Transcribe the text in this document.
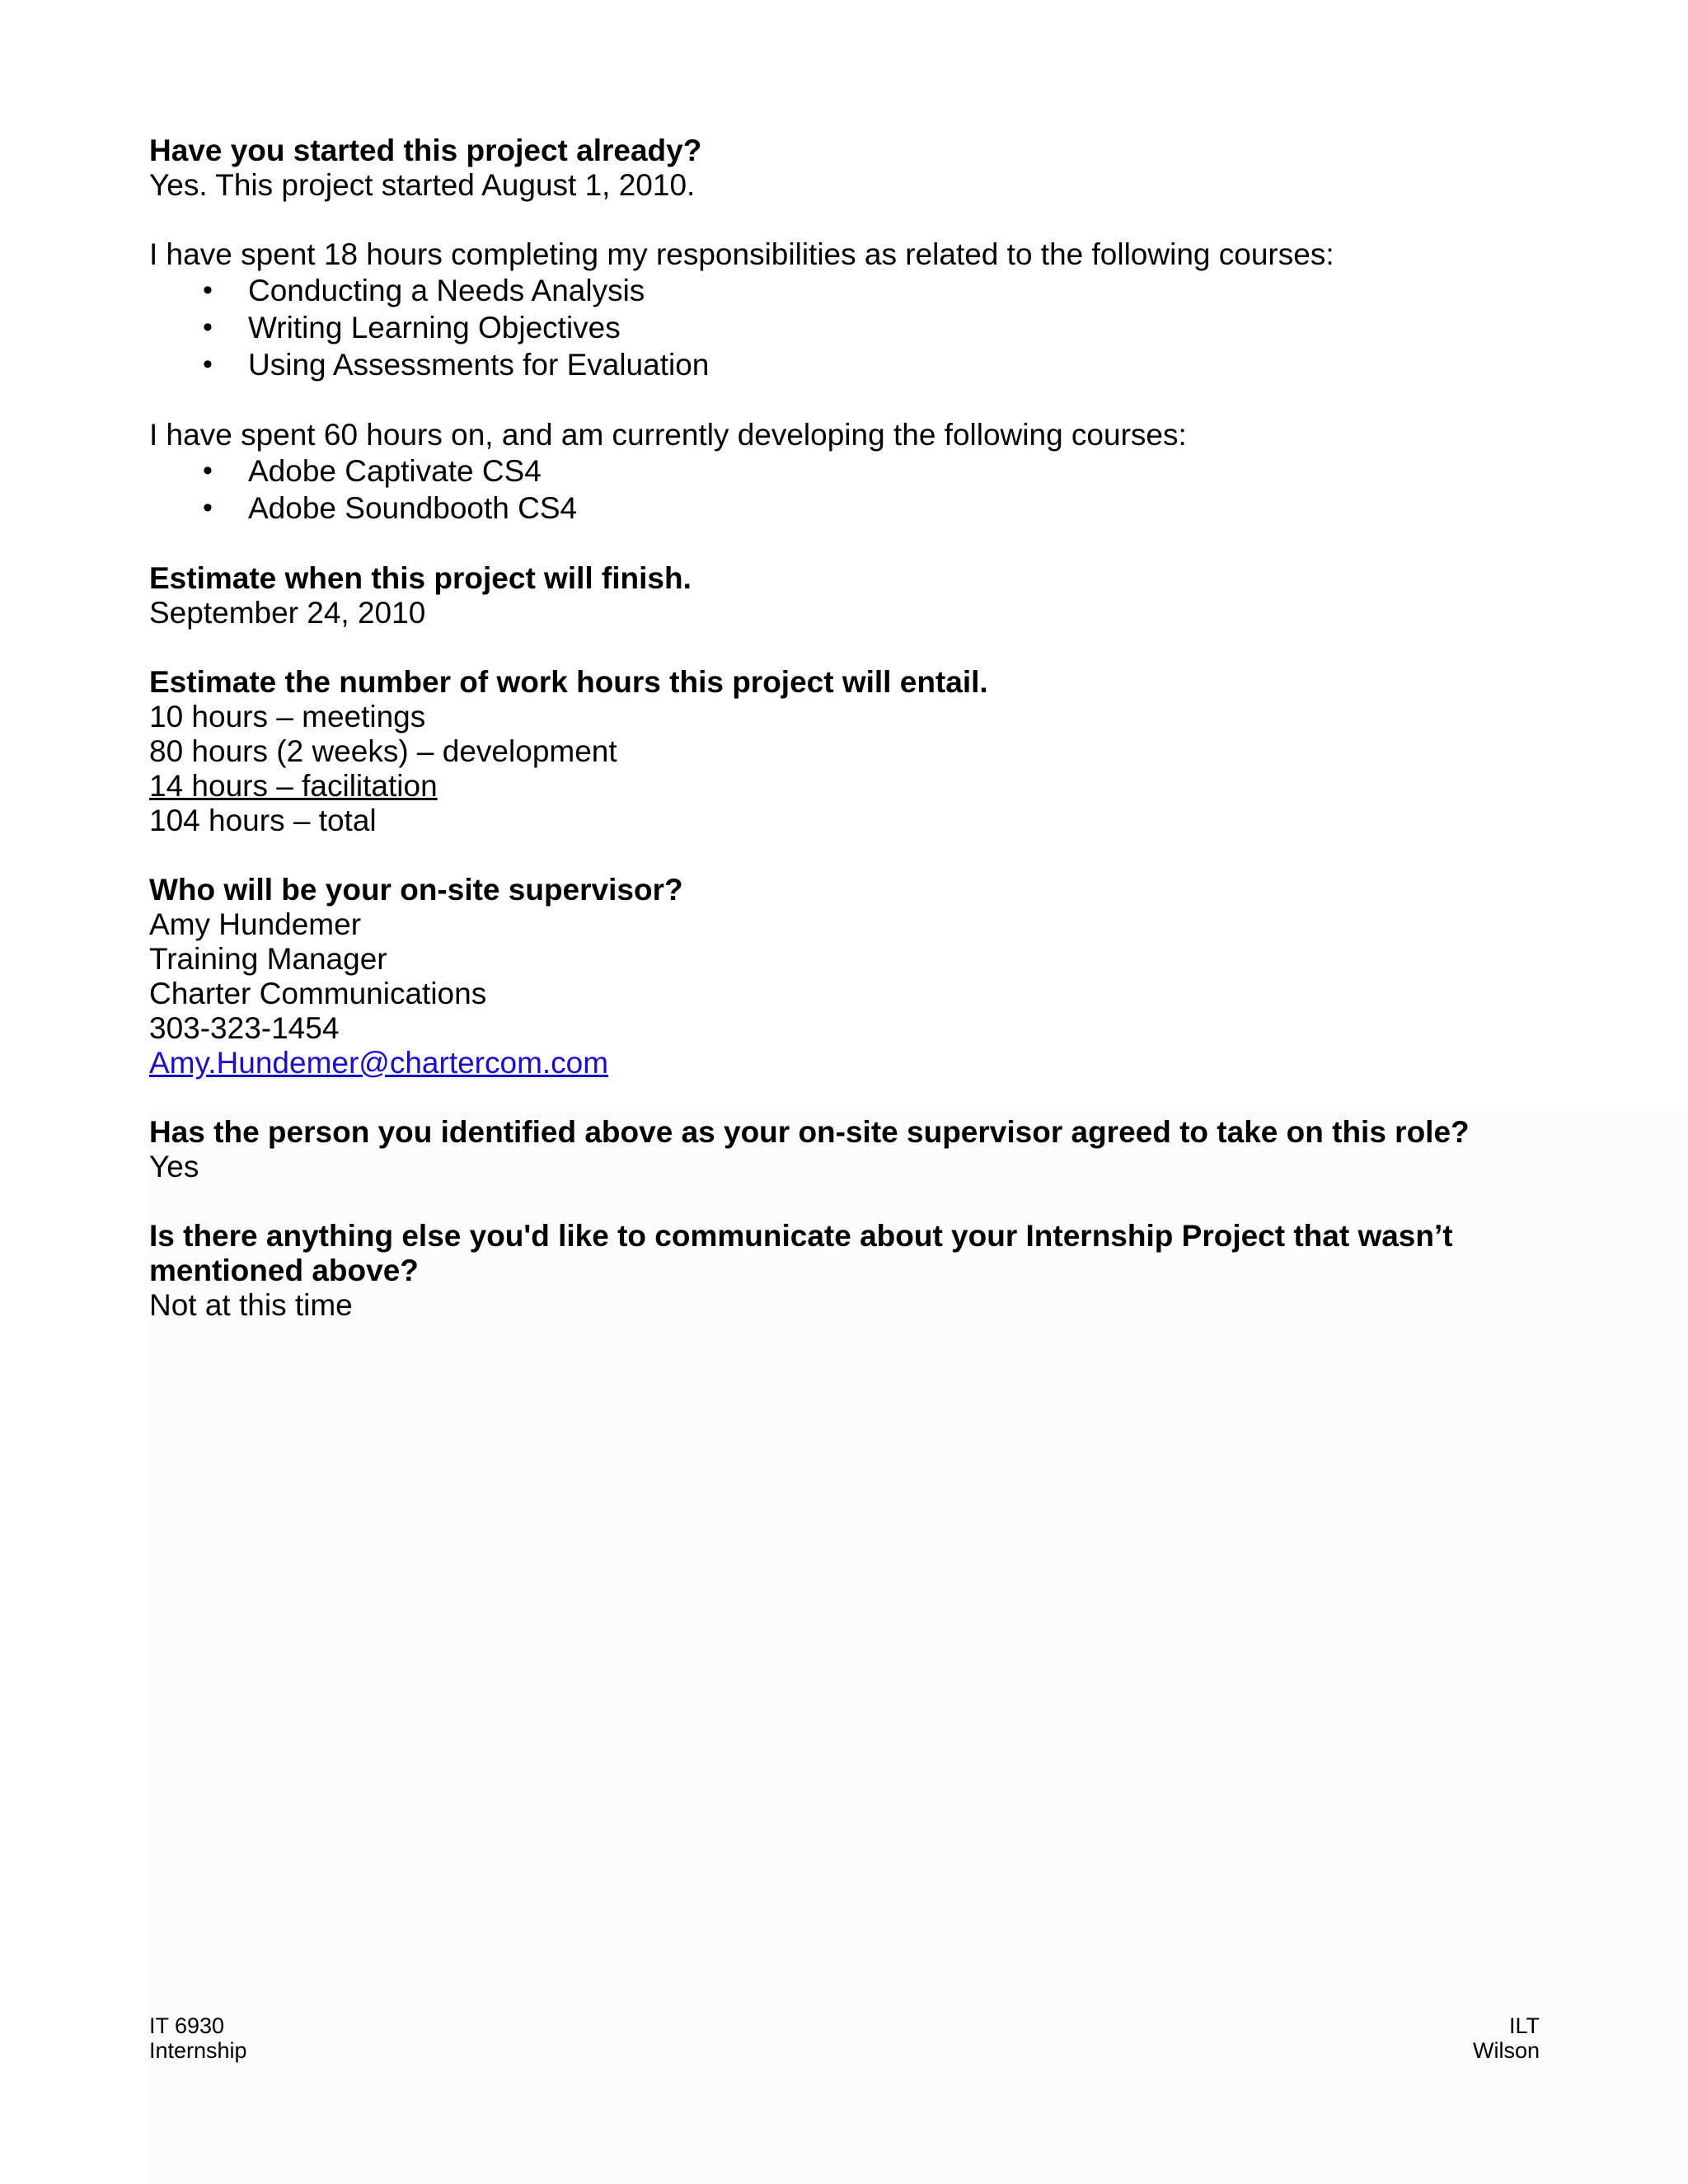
Have you started this project already?
Yes. This project started August 1, 2010.
I have spent 18 hours completing my responsibilities as related to the following courses:
• Conducting a Needs Analysis
• Writing Learning Objectives
• Using Assessments for Evaluation
I have spent 60 hours on, and am currently developing the following courses:
• Adobe Captivate CS4
• Adobe Soundbooth CS4
Estimate when this project will finish.
September 24, 2010
Estimate the number of work hours this project will entail.
10 hours – meetings
80 hours (2 weeks) – development
14 hours – facilitation
104 hours – total
Who will be your on-site supervisor?
Amy Hundemer
Training Manager
Charter Communications
303-323-1454
Amy.Hundemer@chartercom.com
Has the person you identified above as your on-site supervisor agreed to take on this role?
Yes
Is there anything else you'd like to communicate about your Internship Project that wasn’t mentioned above?
Not at this time
IT 6930
Internship
ILT
Wilson
